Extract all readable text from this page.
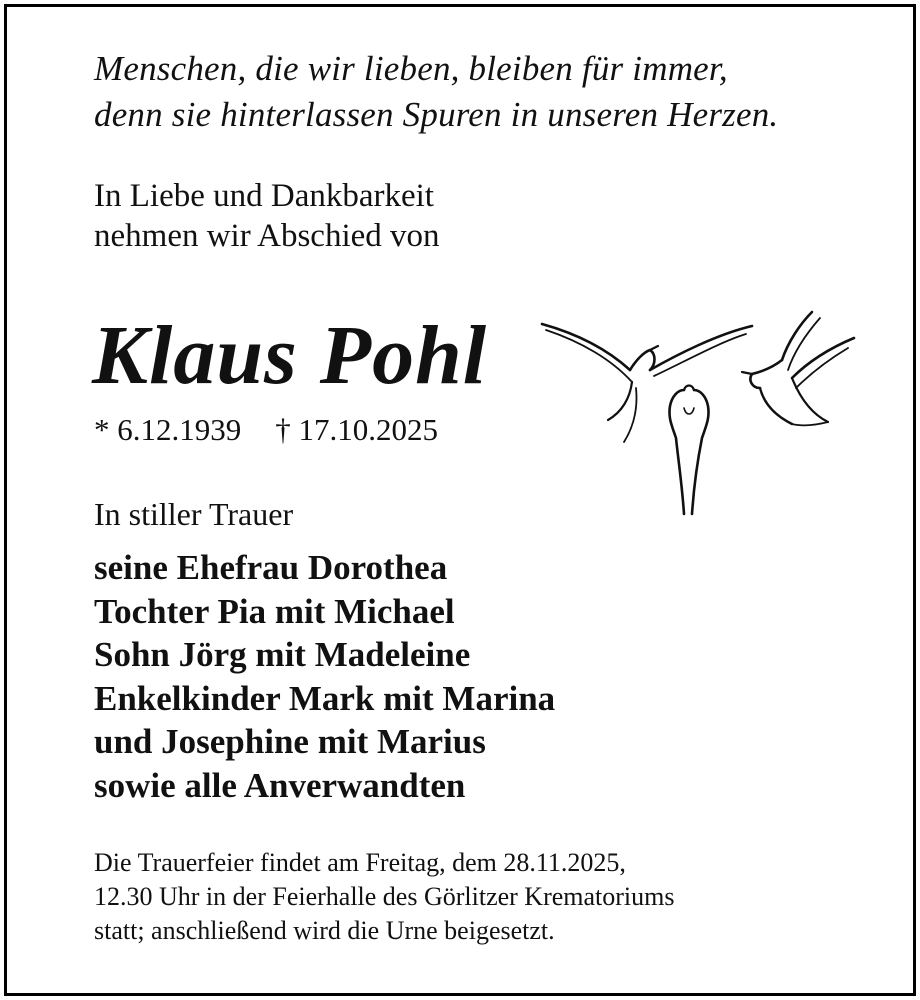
Menschen, die wir lieben, bleiben für immer,
denn sie hinterlassen Spuren in unseren Herzen.
In Liebe und Dankbarkeit
nehmen wir Abschied von
Klaus Pohl
* 6.12.1939 † 17.10.2025
In stiller Trauer
seine Ehefrau Dorothea
Tochter Pia mit Michael
Sohn Jörg mit Madeleine
Enkelkinder Mark mit Marina
und Josephine mit Marius
sowie alle Anverwandten
Die Trauerfeier findet am Freitag, dem 28.11.2025,
12.30 Uhr in der Feierhalle des Görlitzer Krematoriums
statt; anschließend wird die Urne beigesetzt.
